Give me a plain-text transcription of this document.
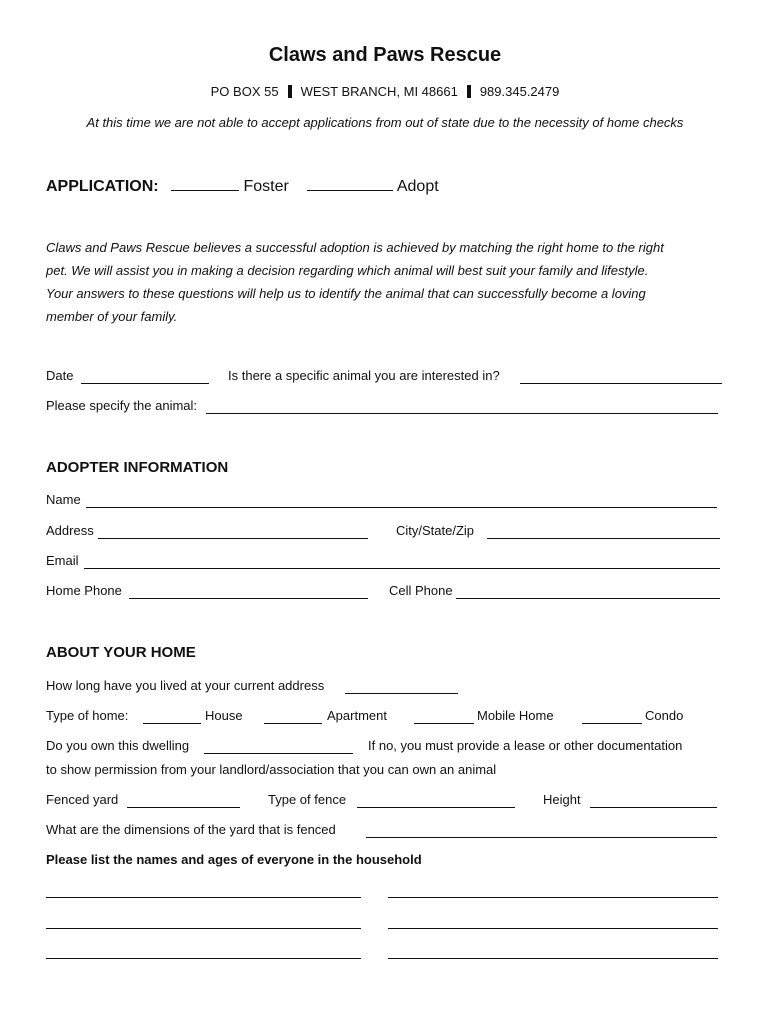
Claws and Paws Rescue
PO BOX 55 WEST BRANCH, MI 48661 989.345.2479
At this time we are not able to accept applications from out of state due to the necessity of home checks
APPLICATION:	Foster	Adopt
Claws and Paws Rescue believes a successful adoption is achieved by matching the right home to the right
pet. We will assist you in making a decision regarding which animal will best suit your family and lifestyle.
Your answers to these questions will help us to identify the animal that can successfully become a loving
member of your family.
Date	Is there a specific animal you are interested in?
Please specify the animal:
ADOPTER INFORMATION
Name
Address	City/State/Zip
Email
Home Phone	Cell Phone
ABOUT YOUR HOME
How long have you lived at your current address
Type of home:	House	Apartment	Mobile Home	Condo
Do you own this dwelling	If no, you must provide a lease or other documentation
to show permission from your landlord/association that you can own an animal
Fenced yard	Type of fence	Height
What are the dimensions of the yard that is fenced
Please list the names and ages of everyone in the household
